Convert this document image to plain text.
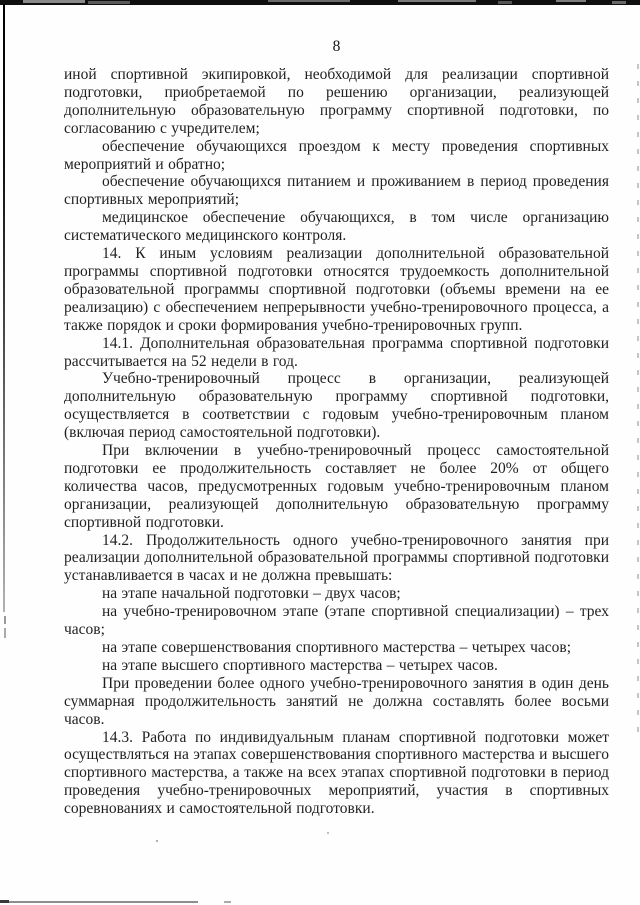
8

иной спортивной экипировкой, необходимой для реализации спортивной подготовки, приобретаемой по решению организации, реализующей дополнительную образовательную программу спортивной подготовки, по согласованию с учредителем;

обеспечение обучающихся проездом к месту проведения спортивных мероприятий и обратно;

обеспечение обучающихся питанием и проживанием в период проведения спортивных мероприятий;

медицинское обеспечение обучающихся, в том числе организацию систематического медицинского контроля.

14. К иным условиям реализации дополнительной образовательной программы спортивной подготовки относятся трудоемкость дополнительной образовательной программы спортивной подготовки (объемы времени на ее реализацию) с обеспечением непрерывности учебно-тренировочного процесса, а также порядок и сроки формирования учебно-тренировочных групп.

14.1. Дополнительная образовательная программа спортивной подготовки рассчитывается на 52 недели в год.

Учебно-тренировочный процесс в организации, реализующей дополнительную образовательную программу спортивной подготовки, осуществляется в соответствии с годовым учебно-тренировочным планом (включая период самостоятельной подготовки).

При включении в учебно-тренировочный процесс самостоятельной подготовки ее продолжительность составляет не более 20% от общего количества часов, предусмотренных годовым учебно-тренировочным планом организации, реализующей дополнительную образовательную программу спортивной подготовки.

14.2. Продолжительность одного учебно-тренировочного занятия при реализации дополнительной образовательной программы спортивной подготовки устанавливается в часах и не должна превышать:

на этапе начальной подготовки – двух часов;

на учебно-тренировочном этапе (этапе спортивной специализации) – трех часов;

на этапе совершенствования спортивного мастерства – четырех часов;

на этапе высшего спортивного мастерства – четырех часов.

При проведении более одного учебно-тренировочного занятия в один день суммарная продолжительность занятий не должна составлять более восьми часов.

14.3. Работа по индивидуальным планам спортивной подготовки может осуществляться на этапах совершенствования спортивного мастерства и высшего спортивного мастерства, а также на всех этапах спортивной подготовки в период проведения учебно-тренировочных мероприятий, участия в спортивных соревнованиях и самостоятельной подготовки.
